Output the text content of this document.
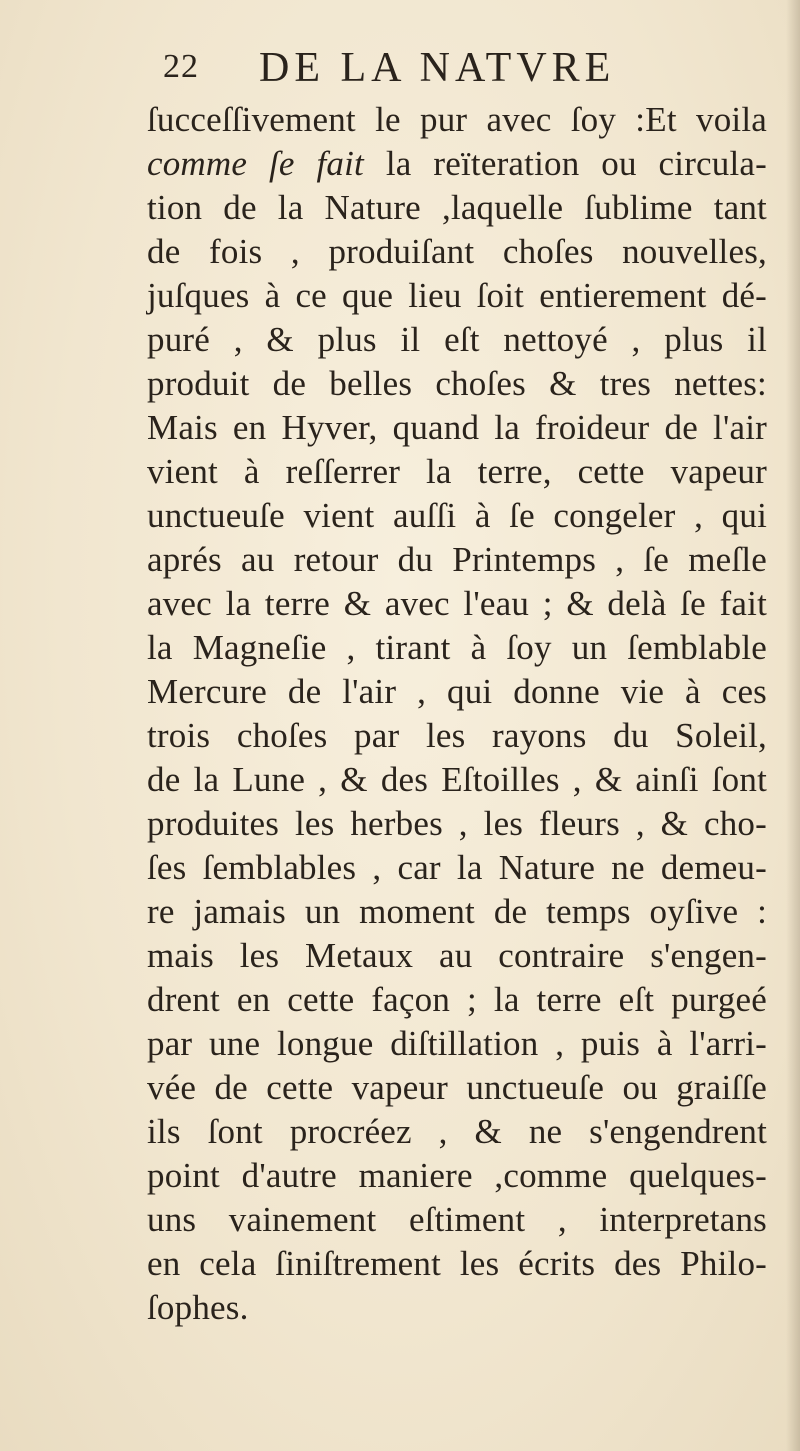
22 DE LA NATVRE
ſucceſſivement le pur avec ſoy :Et voila
comme ſe fait la reïteration ou circula-
tion de la Nature ,laquelle ſublime tant
de fois , produiſant choſes nouvelles,
juſques à ce que lieu ſoit entierement dé-
puré , & plus il eſt nettoyé , plus il
produit de belles choſes & tres nettes:
Mais en Hyver, quand la froideur de l'air
vient à reſſerrer la terre, cette vapeur
unctueuſe vient auſſi à ſe congeler , qui
aprés au retour du Printemps , ſe meſle
avec la terre & avec l'eau ; & delà ſe fait
la Magneſie , tirant à ſoy un ſemblable
Mercure de l'air , qui donne vie à ces
trois choſes par les rayons du Soleil,
de la Lune , & des Eſtoilles , & ainſi ſont
produites les herbes , les fleurs , & cho-
ſes ſemblables , car la Nature ne demeu-
re jamais un moment de temps oyſive :
mais les Metaux au contraire s'engen-
drent en cette façon ; la terre eſt purgeé
par une longue diſtillation , puis à l'arri-
vée de cette vapeur unctueuſe ou graiſſe
ils ſont procréez , & ne s'engendrent
point d'autre maniere ,comme quelques-
uns vainement eſtiment , interpretans
en cela ſiniſtrement les écrits des Philo-
ſophes.
